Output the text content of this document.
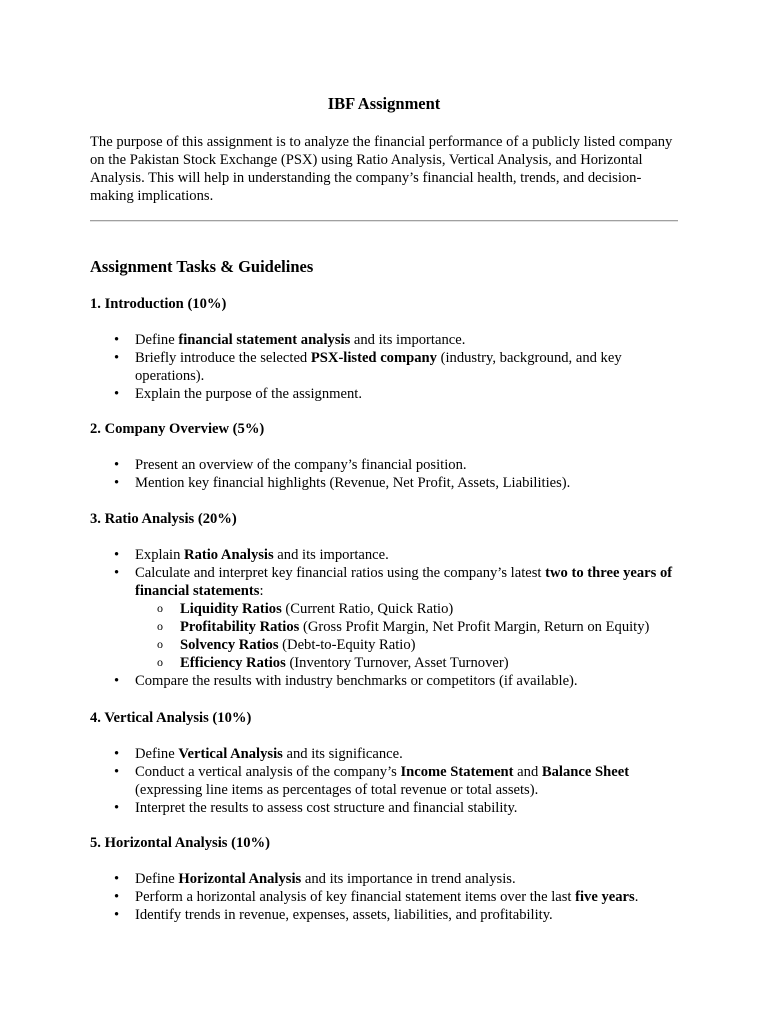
IBF Assignment

The purpose of this assignment is to analyze the financial performance of a publicly listed company on the Pakistan Stock Exchange (PSX) using Ratio Analysis, Vertical Analysis, and Horizontal Analysis. This will help in understanding the company’s financial health, trends, and decision-making implications.

Assignment Tasks & Guidelines
1. Introduction (10%)
• Define financial statement analysis and its importance.
• Briefly introduce the selected PSX-listed company (industry, background, and key operations).
• Explain the purpose of the assignment.
2. Company Overview (5%)
• Present an overview of the company’s financial position.
• Mention key financial highlights (Revenue, Net Profit, Assets, Liabilities).
3. Ratio Analysis (20%)
• Explain Ratio Analysis and its importance.
• Calculate and interpret key financial ratios using the company’s latest two to three years of financial statements:
o Liquidity Ratios (Current Ratio, Quick Ratio)
o Profitability Ratios (Gross Profit Margin, Net Profit Margin, Return on Equity)
o Solvency Ratios (Debt-to-Equity Ratio)
o Efficiency Ratios (Inventory Turnover, Asset Turnover)
• Compare the results with industry benchmarks or competitors (if available).
4. Vertical Analysis (10%)
• Define Vertical Analysis and its significance.
• Conduct a vertical analysis of the company’s Income Statement and Balance Sheet (expressing line items as percentages of total revenue or total assets).
• Interpret the results to assess cost structure and financial stability.
5. Horizontal Analysis (10%)
• Define Horizontal Analysis and its importance in trend analysis.
• Perform a horizontal analysis of key financial statement items over the last five years.
• Identify trends in revenue, expenses, assets, liabilities, and profitability.
